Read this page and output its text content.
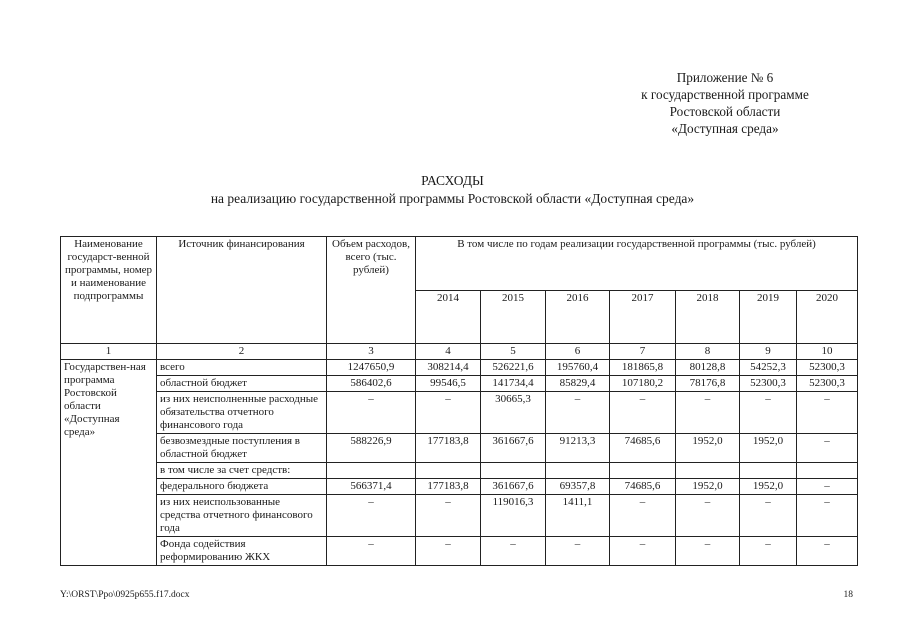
Приложение № 6
к государственной программе
Ростовской области
«Доступная среда»
РАСХОДЫ
на реализацию государственной программы Ростовской области «Доступная среда»
Наименование государст-венной программы, номер и наименование подпрограммы	Источник финансирования	Объем расходов, всего (тыс. рублей)	В том числе по годам реализации государственной программы (тыс. рублей)						
			2014	2015	2016	2017	2018	2019	2020
1	2	3	4	5	6	7	8	9	10
Государствен-ная программа Ростовской области «Доступная среда»	всего	1247650,9	308214,4	526221,6	195760,4	181865,8	80128,8	54252,3	52300,3
	областной бюджет	586402,6	99546,5	141734,4	85829,4	107180,2	78176,8	52300,3	52300,3
	из них неисполненные расходные обязательства отчетного финансового года	–	–	30665,3	–	–	–	–	–
	безвозмездные поступления в областной бюджет	588226,9	177183,8	361667,6	91213,3	74685,6	1952,0	1952,0	–
	в том числе за счет средств:								
	федерального бюджета	566371,4	177183,8	361667,6	69357,8	74685,6	1952,0	1952,0	–
	из них неиспользованные средства отчетного финансового года	–	–	119016,3	1411,1	–	–	–	–
	Фонда содействия реформированию ЖКХ	–	–	–	–	–	–	–	–
Y:\ORST\Ppo\0925p655.f17.docx	18
